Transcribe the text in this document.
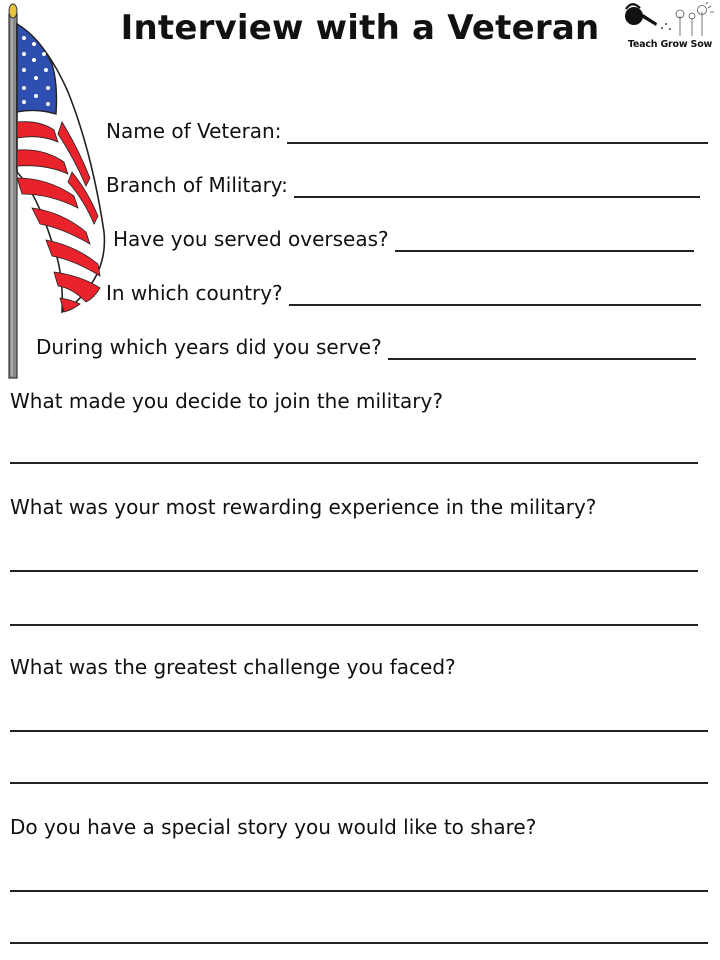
Interview with a Veteran	Teach Grow Sow
Name of Veteran:
Branch of Military:
Have you served overseas?
In which country?
During which years did you serve?
What made you decide to join the military?
What was your most rewarding experience in the military?
What was the greatest challenge you faced?
Do you have a special story you would like to share?
